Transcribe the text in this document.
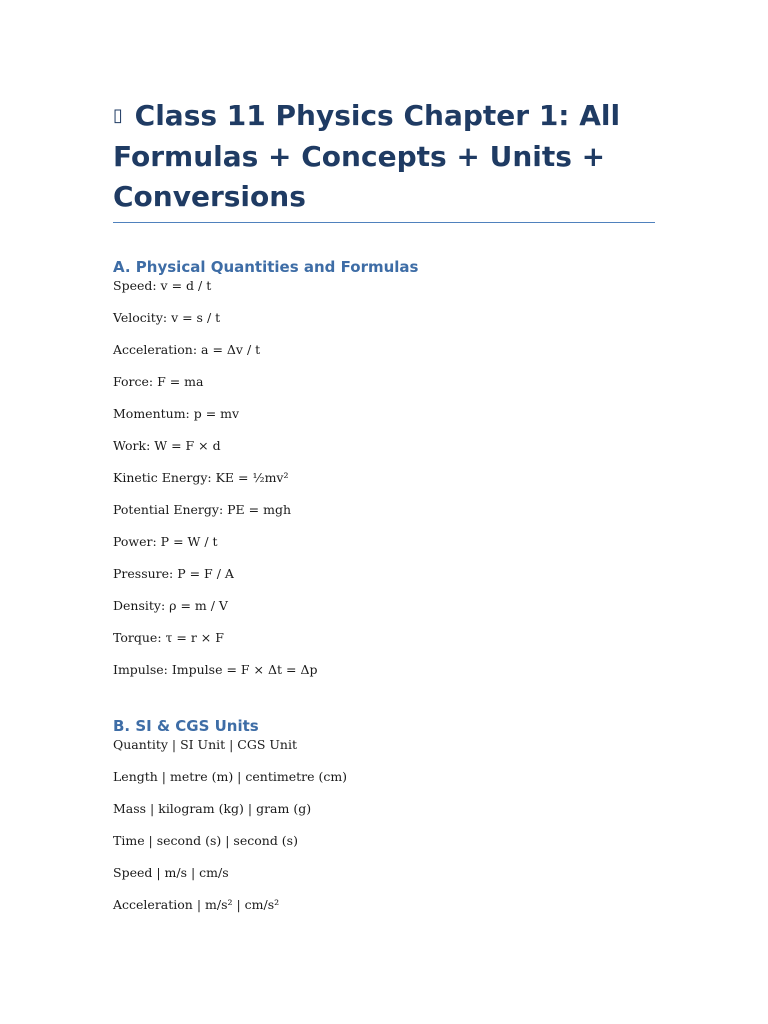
▯ Class 11 Physics Chapter 1: All Formulas + Concepts + Units + Conversions
A. Physical Quantities and Formulas

Speed: v = d / t

Velocity: v = s / t

Acceleration: a = Δv / t

Force: F = ma

Momentum: p = mv

Work: W = F × d

Kinetic Energy: KE = ½mv²

Potential Energy: PE = mgh

Power: P = W / t

Pressure: P = F / A

Density: ρ = m / V

Torque: τ = r × F

Impulse: Impulse = F × Δt = Δp

B. SI & CGS Units

Quantity | SI Unit | CGS Unit

Length | metre (m) | centimetre (cm)

Mass | kilogram (kg) | gram (g)

Time | second (s) | second (s)

Speed | m/s | cm/s

Acceleration | m/s² | cm/s²
